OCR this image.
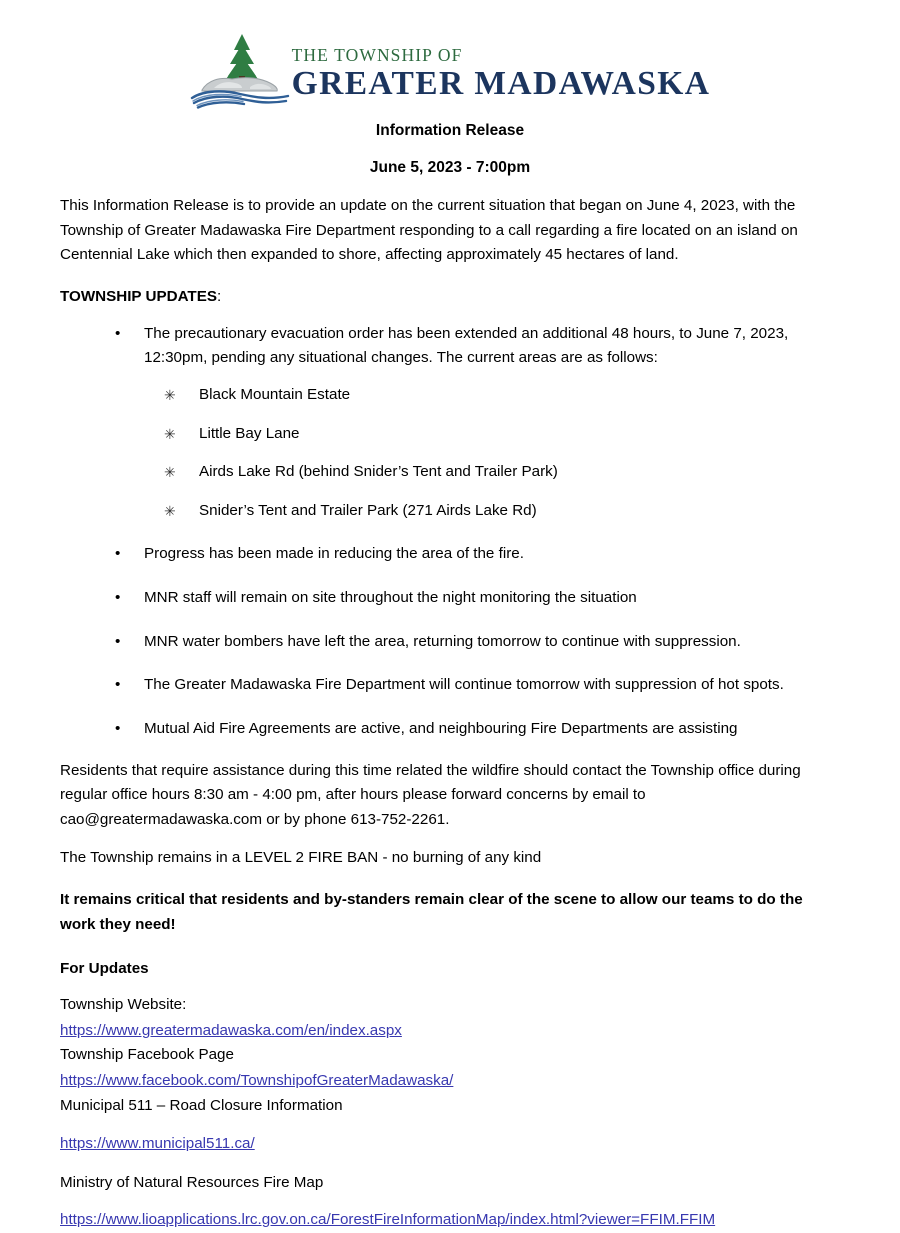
THE TOWNSHIP OF
GREATER MADAWASKA
Information Release
June 5, 2023 - 7:00pm
This Information Release is to provide an update on the current situation that began on June 4, 2023, with the Township of Greater Madawaska Fire Department responding to a call regarding a fire located on an island on Centennial Lake which then expanded to shore, affecting approximately 45 hectares of land.
TOWNSHIP UPDATES:
• The precautionary evacuation order has been extended an additional 48 hours, to June 7, 2023, 12:30pm, pending any situational changes. The current areas are as follows:
✳ Black Mountain Estate
✳ Little Bay Lane
✳ Airds Lake Rd (behind Snider’s Tent and Trailer Park)
✳ Snider’s Tent and Trailer Park (271 Airds Lake Rd)
• Progress has been made in reducing the area of the fire.
• MNR staff will remain on site throughout the night monitoring the situation
• MNR water bombers have left the area, returning tomorrow to continue with suppression.
• The Greater Madawaska Fire Department will continue tomorrow with suppression of hot spots.
• Mutual Aid Fire Agreements are active, and neighbouring Fire Departments are assisting
Residents that require assistance during this time related the wildfire should contact the Township office during regular office hours 8:30 am - 4:00 pm, after hours please forward concerns by email to cao@greatermadawaska.com or by phone 613-752-2261.
The Township remains in a LEVEL 2 FIRE BAN - no burning of any kind
It remains critical that residents and by-standers remain clear of the scene to allow our teams to do the work they need!
For Updates
Township Website:
https://www.greatermadawaska.com/en/index.aspx
Township Facebook Page
https://www.facebook.com/TownshipofGreaterMadawaska/
Municipal 511 – Road Closure Information
https://www.municipal511.ca/
Ministry of Natural Resources Fire Map
https://www.lioapplications.lrc.gov.on.ca/ForestFireInformationMap/index.html?viewer=FFIM.FFIM
